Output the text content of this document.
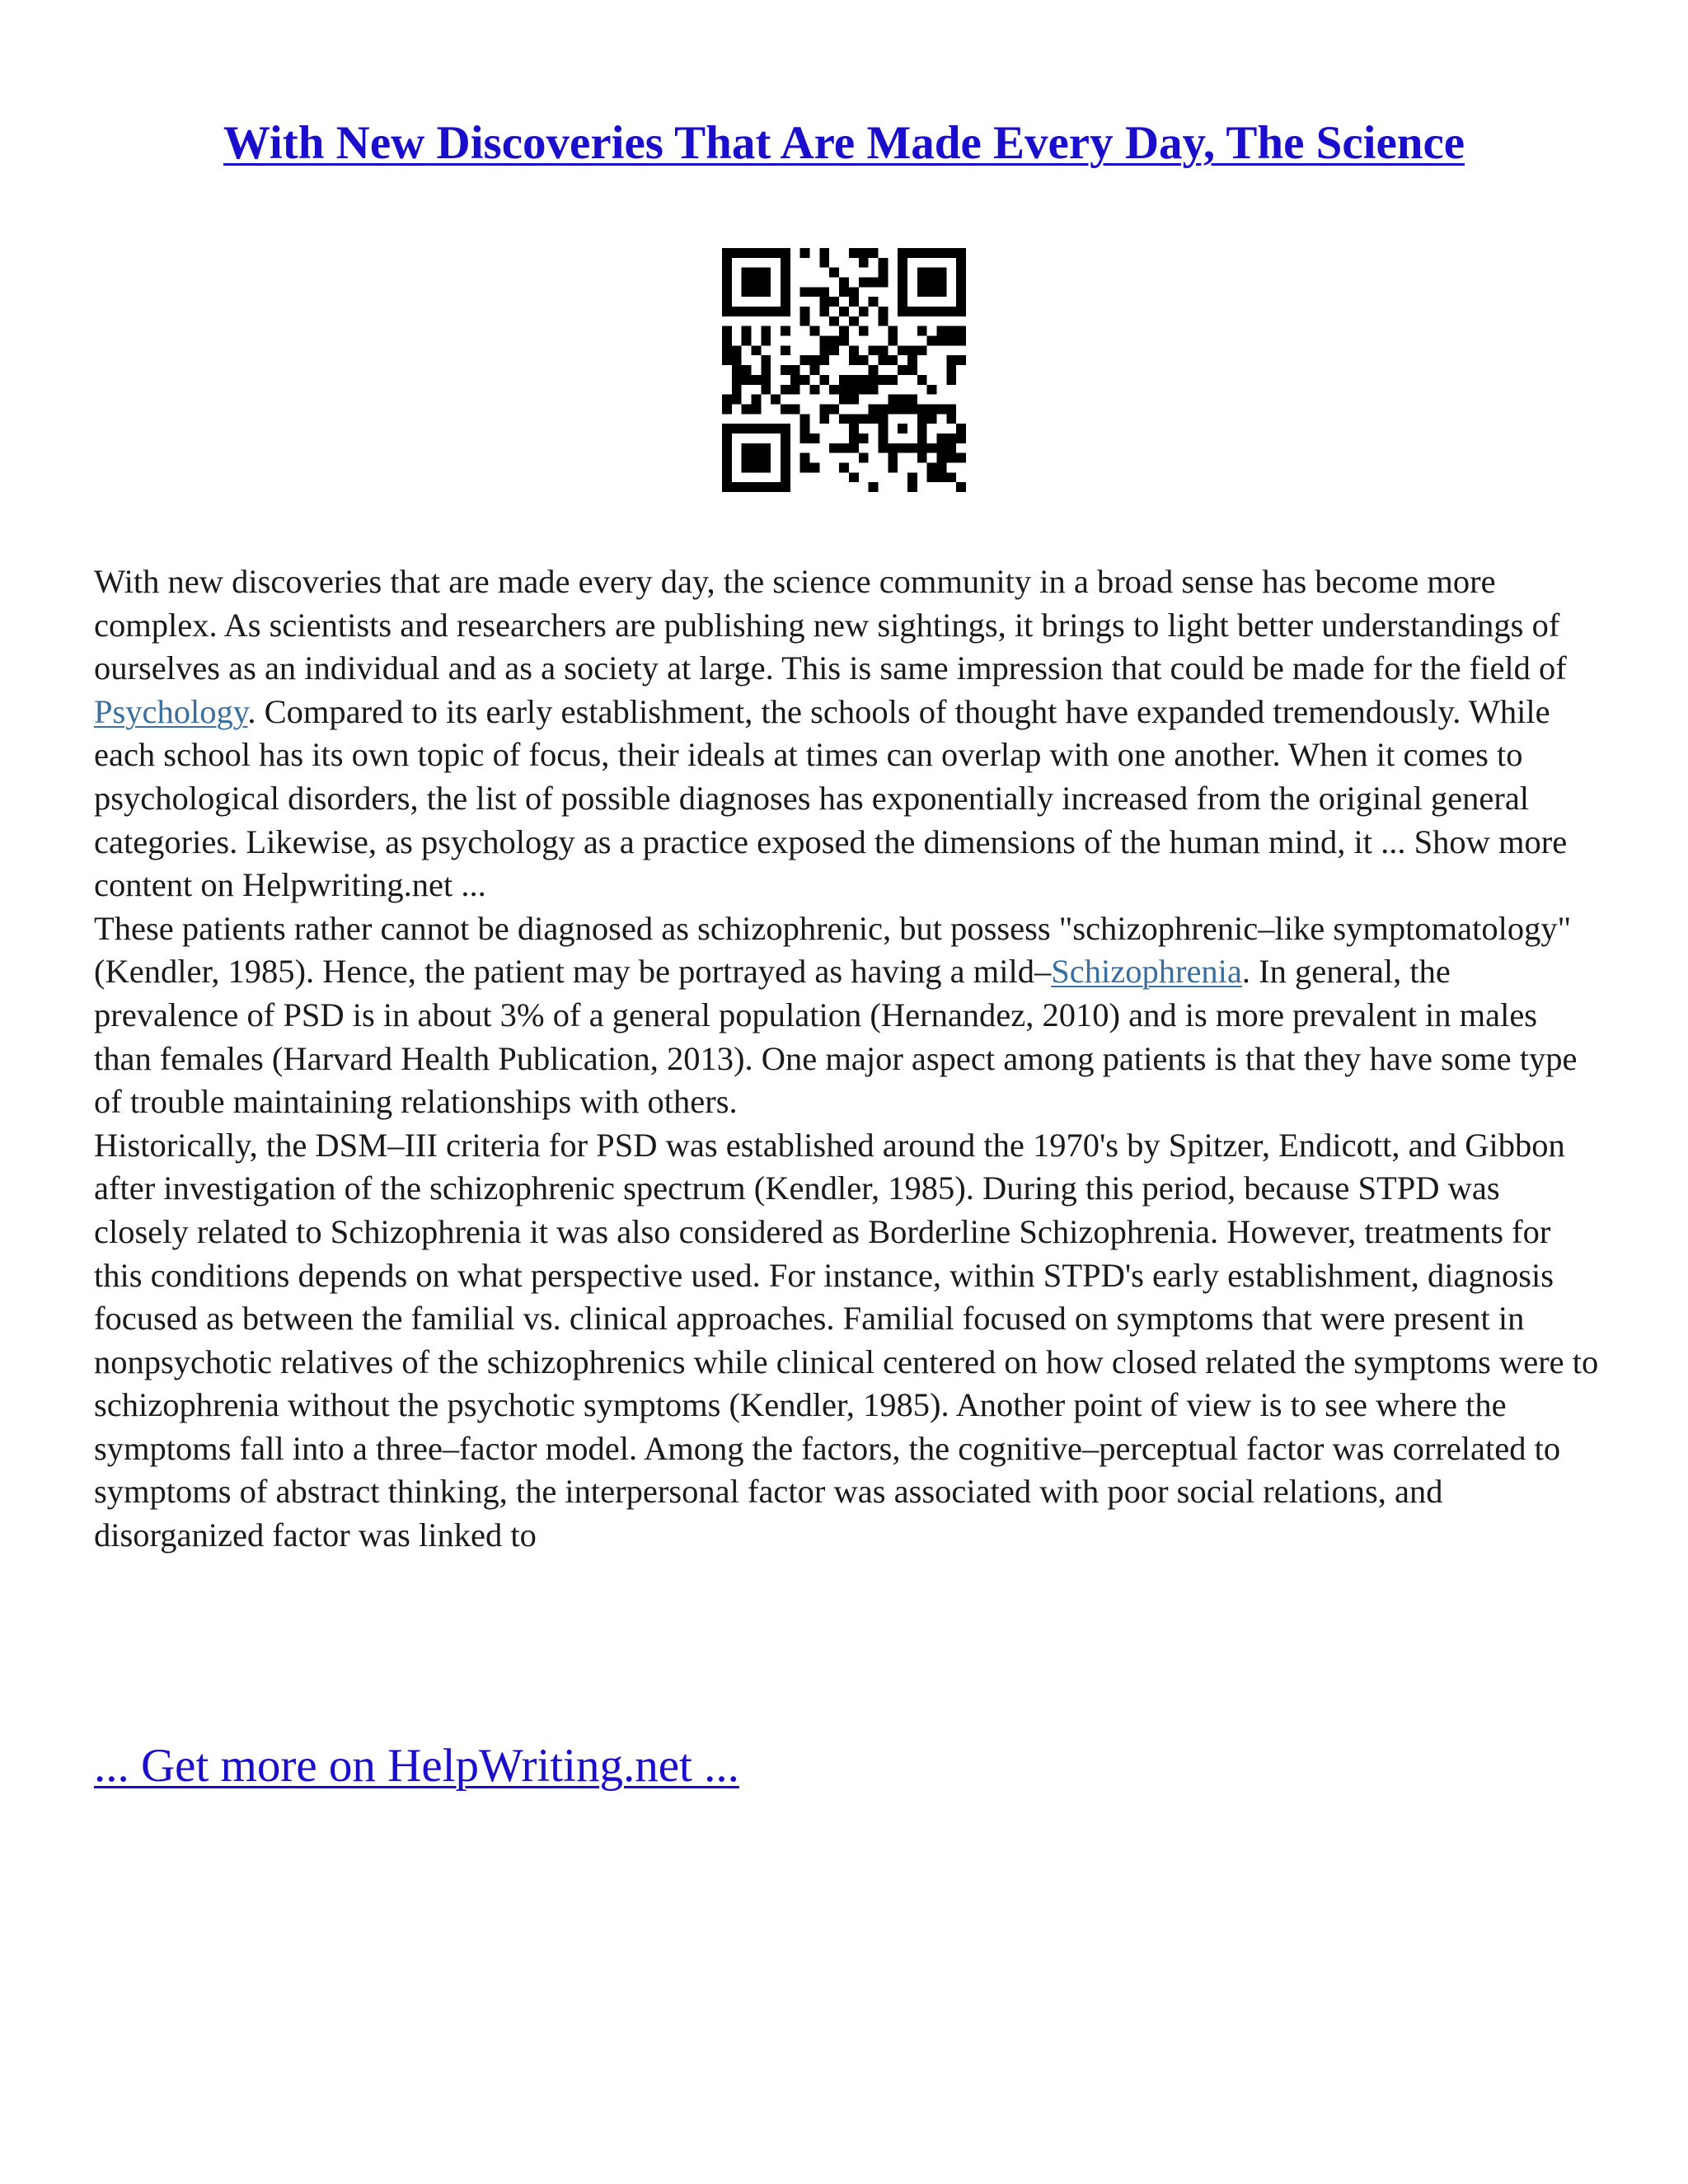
With New Discoveries That Are Made Every Day, The Science

With new discoveries that are made every day, the science community in a broad sense has become more complex. As scientists and researchers are publishing new sightings, it brings to light better understandings of ourselves as an individual and as a society at large. This is same impression that could be made for the field of Psychology. Compared to its early establishment, the schools of thought have expanded tremendously. While each school has its own topic of focus, their ideals at times can overlap with one another. When it comes to psychological disorders, the list of possible diagnoses has exponentially increased from the original general categories. Likewise, as psychology as a practice exposed the dimensions of the human mind, it ... Show more content on Helpwriting.net ...

These patients rather cannot be diagnosed as schizophrenic, but possess "schizophrenic–like symptomatology" (Kendler, 1985). Hence, the patient may be portrayed as having a mild–Schizophrenia. In general, the prevalence of PSD is in about 3% of a general population (Hernandez, 2010) and is more prevalent in males than females (Harvard Health Publication, 2013). One major aspect among patients is that they have some type of trouble maintaining relationships with others.

Historically, the DSM–III criteria for PSD was established around the 1970's by Spitzer, Endicott, and Gibbon after investigation of the schizophrenic spectrum (Kendler, 1985). During this period, because STPD was closely related to Schizophrenia it was also considered as Borderline Schizophrenia. However, treatments for this conditions depends on what perspective used. For instance, within STPD's early establishment, diagnosis focused as between the familial vs. clinical approaches. Familial focused on symptoms that were present in nonpsychotic relatives of the schizophrenics while clinical centered on how closed related the symptoms were to schizophrenia without the psychotic symptoms (Kendler, 1985). Another point of view is to see where the symptoms fall into a three–factor model. Among the factors, the cognitive–perceptual factor was correlated to symptoms of abstract thinking, the interpersonal factor was associated with poor social relations, and disorganized factor was linked to

... Get more on HelpWriting.net ...
